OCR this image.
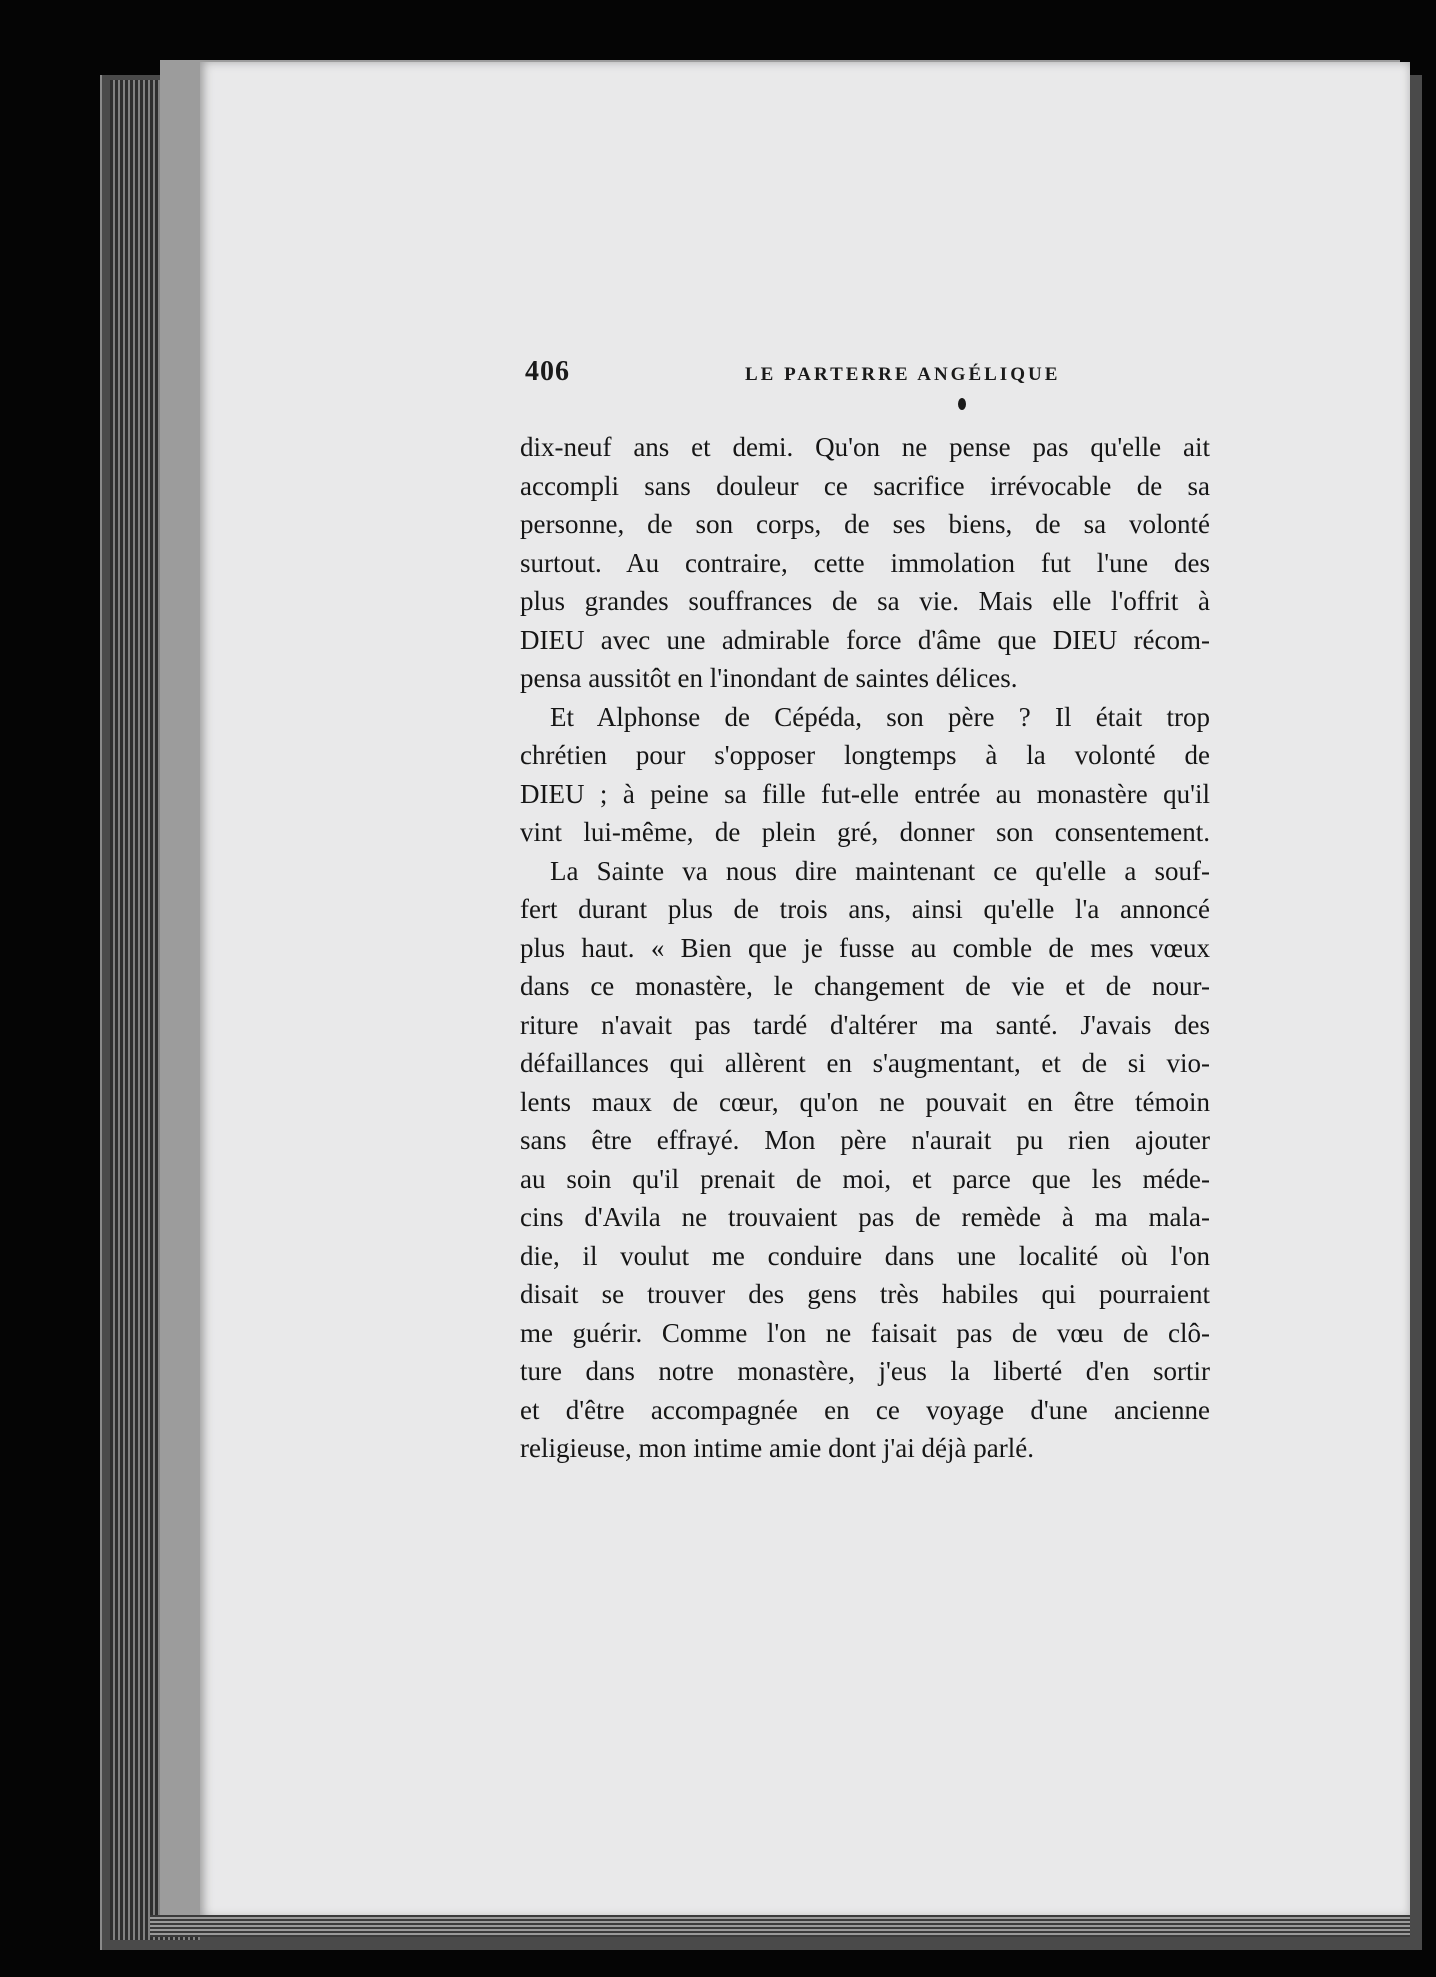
406	LE PARTERRE ANGÉLIQUE
dix-neuf ans et demi. Qu'on ne pense pas qu'elle ait
accompli sans douleur ce sacrifice irrévocable de sa
personne, de son corps, de ses biens, de sa volonté
surtout. Au contraire, cette immolation fut l'une des
plus grandes souffrances de sa vie. Mais elle l'offrit à
DIEU avec une admirable force d'âme que DIEU récom-
pensa aussitôt en l'inondant de saintes délices.
Et Alphonse de Cépéda, son père ? Il était trop
chrétien pour s'opposer longtemps à la volonté de
DIEU ; à peine sa fille fut-elle entrée au monastère qu'il
vint lui-même, de plein gré, donner son consentement.
La Sainte va nous dire maintenant ce qu'elle a souf-
fert durant plus de trois ans, ainsi qu'elle l'a annoncé
plus haut. « Bien que je fusse au comble de mes vœux
dans ce monastère, le changement de vie et de nour-
riture n'avait pas tardé d'altérer ma santé. J'avais des
défaillances qui allèrent en s'augmentant, et de si vio-
lents maux de cœur, qu'on ne pouvait en être témoin
sans être effrayé. Mon père n'aurait pu rien ajouter
au soin qu'il prenait de moi, et parce que les méde-
cins d'Avila ne trouvaient pas de remède à ma mala-
die, il voulut me conduire dans une localité où l'on
disait se trouver des gens très habiles qui pourraient
me guérir. Comme l'on ne faisait pas de vœu de clô-
ture dans notre monastère, j'eus la liberté d'en sortir
et d'être accompagnée en ce voyage d'une ancienne
religieuse, mon intime amie dont j'ai déjà parlé.
